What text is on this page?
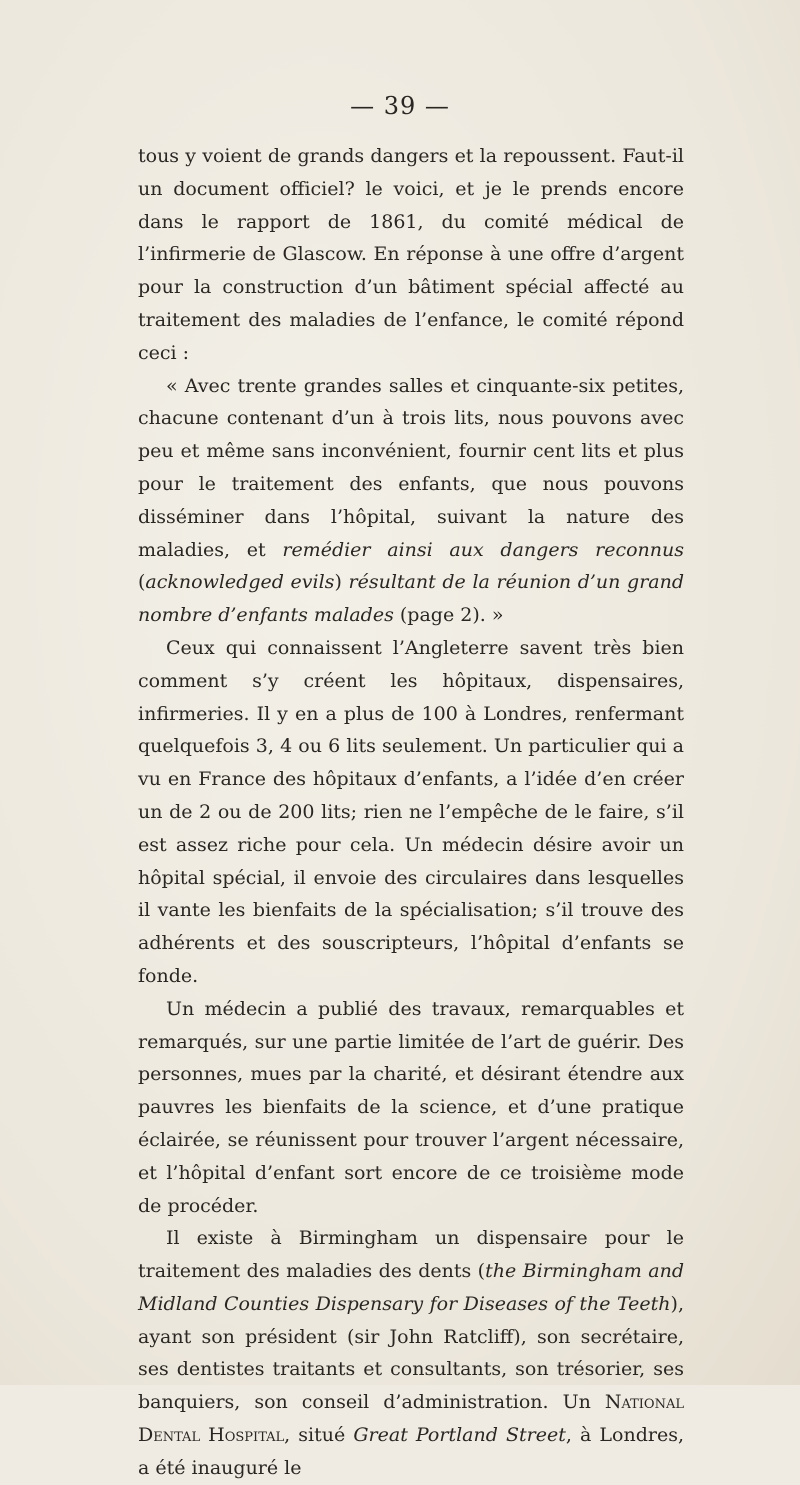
— 39 —

tous y voient de grands dangers et la repoussent. Faut-il un document officiel? le voici, et je le prends encore dans le rapport de 1861, du comité médical de l’infirmerie de Glascow. En réponse à une offre d’argent pour la construction d’un bâtiment spécial affecté au traitement des maladies de l’enfance, le comité répond ceci :

« Avec trente grandes salles et cinquante-six petites, chacune contenant d’un à trois lits, nous pouvons avec peu et même sans inconvénient, fournir cent lits et plus pour le traitement des enfants, que nous pouvons disséminer dans l’hôpital, suivant la nature des maladies, et remédier ainsi aux dangers reconnus (acknowledged evils) résultant de la réunion d’un grand nombre d’enfants malades (page 2). »

Ceux qui connaissent l’Angleterre savent très bien comment s’y créent les hôpitaux, dispensaires, infirmeries. Il y en a plus de 100 à Londres, renfermant quelquefois 3, 4 ou 6 lits seulement. Un particulier qui a vu en France des hôpitaux d’enfants, a l’idée d’en créer un de 2 ou de 200 lits; rien ne l’empêche de le faire, s’il est assez riche pour cela. Un médecin désire avoir un hôpital spécial, il envoie des circulaires dans lesquelles il vante les bienfaits de la spécialisation; s’il trouve des adhérents et des souscripteurs, l’hôpital d’enfants se fonde.

Un médecin a publié des travaux, remarquables et remarqués, sur une partie limitée de l’art de guérir. Des personnes, mues par la charité, et désirant étendre aux pauvres les bienfaits de la science, et d’une pratique éclairée, se réunissent pour trouver l’argent nécessaire, et l’hôpital d’enfant sort encore de ce troisième mode de procéder.

Il existe à Birmingham un dispensaire pour le traitement des maladies des dents (the Birmingham and Midland Counties Dispensary for Diseases of the Teeth), ayant son président (sir John Ratcliff), son secrétaire, ses dentistes traitants et consultants, son trésorier, ses banquiers, son conseil d’administration. Un National Dental Hospital, situé Great Portland Street, à Londres, a été inauguré le
